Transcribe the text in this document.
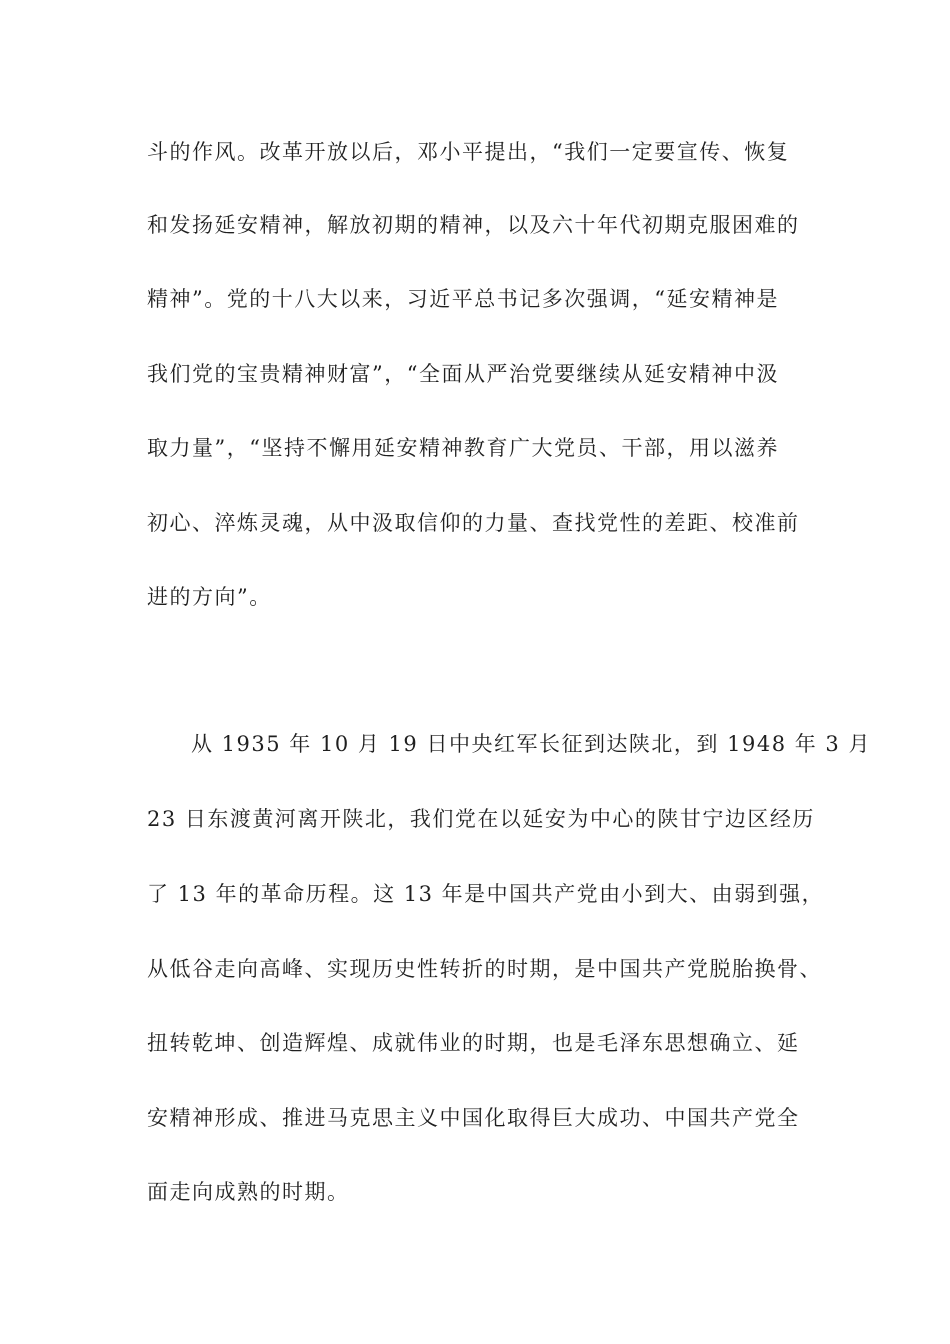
斗的作风。改革开放以后，邓小平提出，“我们一定要宣传、恢复
和发扬延安精神，解放初期的精神，以及六十年代初期克服困难的
精神”。党的十八大以来，习近平总书记多次强调，“延安精神是
我们党的宝贵精神财富”，“全面从严治党要继续从延安精神中汲
取力量”，“坚持不懈用延安精神教育广大党员、干部，用以滋养
初心、淬炼灵魂，从中汲取信仰的力量、查找党性的差距、校准前
进的方向”。
从 1935 年 10 月 19 日中央红军长征到达陕北，到 1948 年 3 月
23 日东渡黄河离开陕北，我们党在以延安为中心的陕甘宁边区经历
了 13 年的革命历程。这 13 年是中国共产党由小到大、由弱到强，
从低谷走向高峰、实现历史性转折的时期，是中国共产党脱胎换骨、
扭转乾坤、创造辉煌、成就伟业的时期，也是毛泽东思想确立、延
安精神形成、推进马克思主义中国化取得巨大成功、中国共产党全
面走向成熟的时期。
